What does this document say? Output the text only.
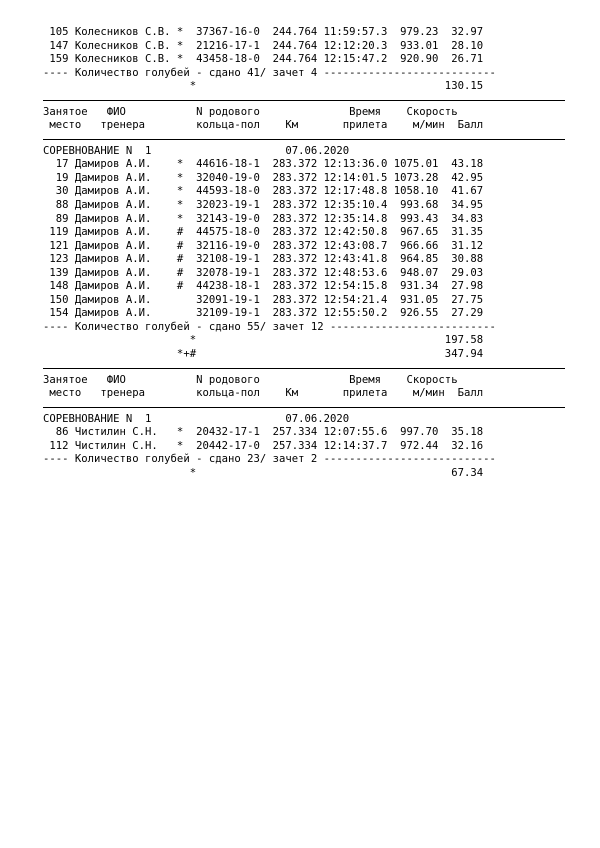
105 Колесников С.В. *  37367-16-0  244.764 11:59:57.3  979.23  32.97
147 Колесников С.В. *  21216-17-1  244.764 12:12:20.3  933.01  28.10
159 Колесников С.В. *  43458-18-0  244.764 12:15:47.2  920.90  26.71
---- Количество голубей - сдано 41/ зачет 4 ---------------------------
*                                       130.15
Занятое   ФИО           N родового              Время    Скорость
место   тренера        кольца-пол    Км       прилета    м/мин  Балл
СОРЕВНОВАНИЕ N  1                     07.06.2020
17 Дамиров А.И.    *  44616-18-1  283.372 12:13:36.0 1075.01  43.18
19 Дамиров А.И.    *  32040-19-0  283.372 12:14:01.5 1073.28  42.95
30 Дамиров А.И.    *  44593-18-0  283.372 12:17:48.8 1058.10  41.67
88 Дамиров А.И.    *  32023-19-1  283.372 12:35:10.4  993.68  34.95
89 Дамиров А.И.    *  32143-19-0  283.372 12:35:14.8  993.43  34.83
119 Дамиров А.И.    #  44575-18-0  283.372 12:42:50.8  967.65  31.35
121 Дамиров А.И.    #  32116-19-0  283.372 12:43:08.7  966.66  31.12
123 Дамиров А.И.    #  32108-19-1  283.372 12:43:41.8  964.85  30.88
139 Дамиров А.И.    #  32078-19-1  283.372 12:48:53.6  948.07  29.03
148 Дамиров А.И.    #  44238-18-1  283.372 12:54:15.8  931.34  27.98
150 Дамиров А.И.       32091-19-1  283.372 12:54:21.4  931.05  27.75
154 Дамиров А.И.       32109-19-1  283.372 12:55:50.2  926.55  27.29
---- Количество голубей - сдано 55/ зачет 12 --------------------------
*                                       197.58
*+#                                       347.94
Занятое   ФИО           N родового              Время    Скорость
место   тренера        кольца-пол    Км       прилета    м/мин  Балл
СОРЕВНОВАНИЕ N  1                     07.06.2020
86 Чистилин С.Н.   *  20432-17-1  257.334 12:07:55.6  997.70  35.18
112 Чистилин С.Н.   *  20442-17-0  257.334 12:14:37.7  972.44  32.16
---- Количество голубей - сдано 23/ зачет 2 ---------------------------
*                                        67.34
